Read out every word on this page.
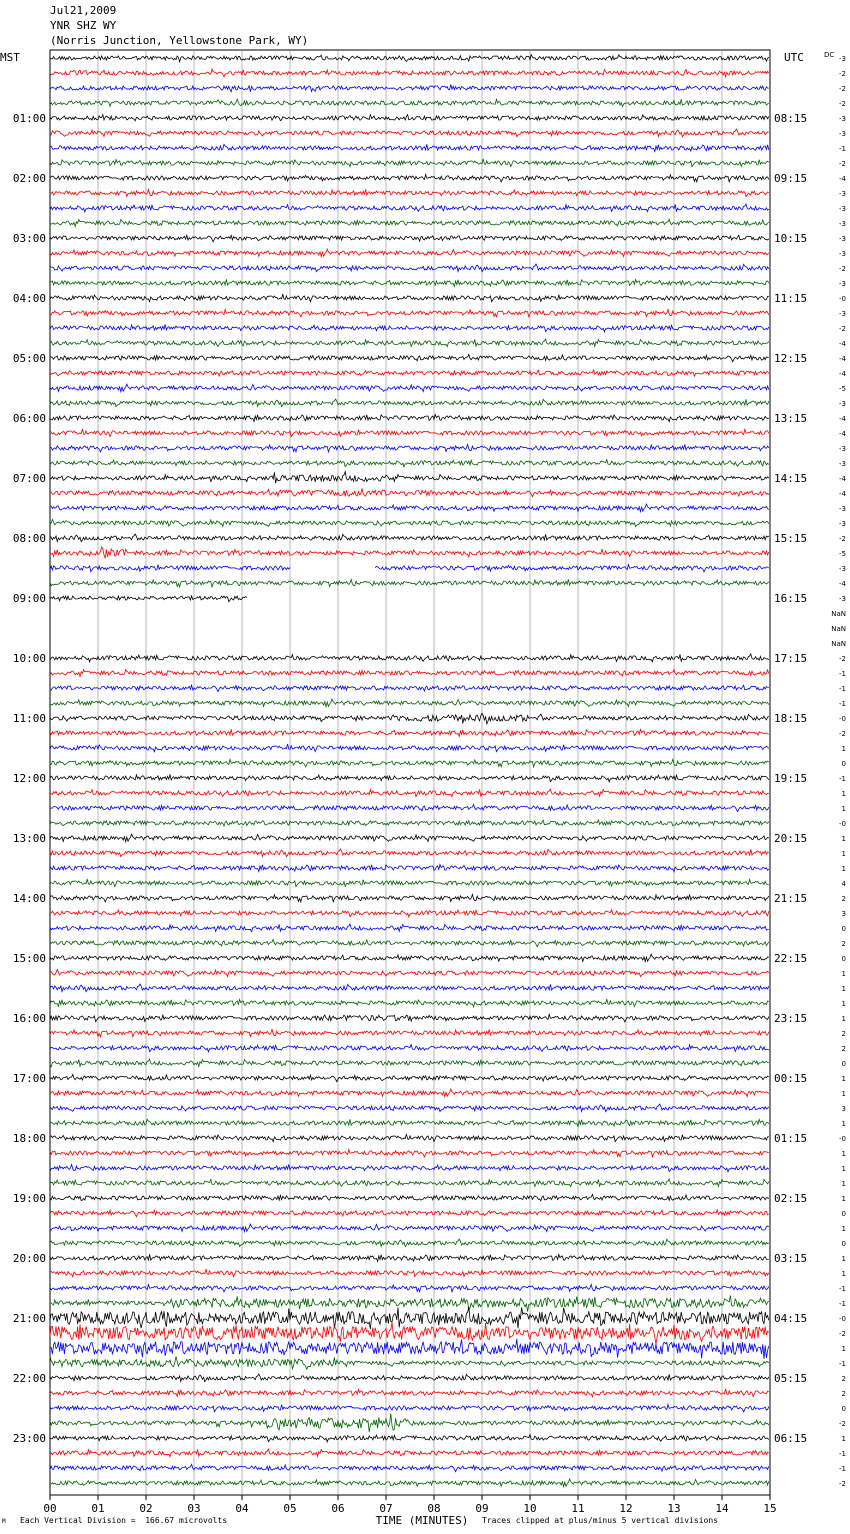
Jul21,2009
YNR SHZ WY
(Norris Junction, Yellowstone Park, WY)
MST	UTC	DC
01:00
02:00
03:00
04:00
05:00
06:00
07:00
08:00
09:00
10:00
11:00
12:00
13:00
14:00
15:00
16:00
17:00
18:00
19:00
20:00
21:00
22:00
23:00
08:15
09:15
10:15
11:15
12:15
13:15
14:15
15:15
16:15
17:15
18:15
19:15
20:15
21:15
22:15
23:15
00:15
01:15
02:15
03:15
04:15
05:15
06:15
-3
-2
-2
-2
-3
-3
-1
-2
-4
-3
-3
-3
-3
-3
-2
-3
-0
-3
-2
-4
-4
-4
-5
-3
-4
-4
-3
-3
-4
-4
-3
-3
-2
-5
-3
-4
-3
NaN
NaN
NaN
-2
-1
-1
-1
-0
-2
1
0
-1
1
1
-0
1
1
1
4
2
3
0
2
0
1
1
1
1
2
2
0
1
1
3
1
-0
1
1
1
1
0
1
0
1
1
-1
-1
-0
-2
1
-1
2
2
0
-2
1
-1
-1
-2
00	01	02	03	04	05	06	07	08	09	10	11	12	13	14	15
TIME (MINUTES)
M Each Vertical Division =  166.67 microvolts	Traces clipped at plus/minus 5 vertical divisions
